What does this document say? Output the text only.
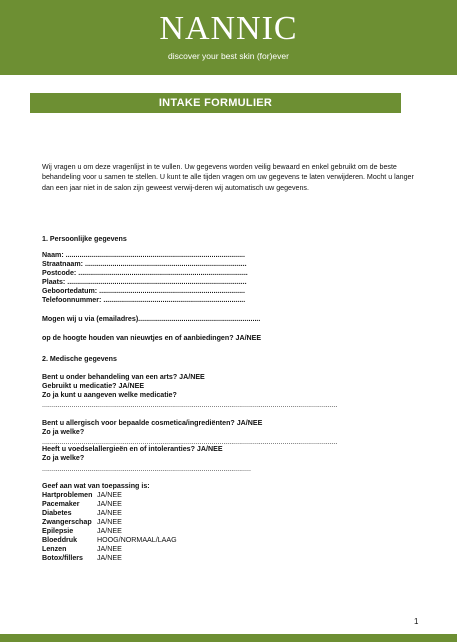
NANNIC
discover your best skin (for)ever
INTAKE FORMULIER
Wij vragen u om deze vragenlijst in te vullen. Uw gegevens worden veilig bewaard en enkel gebruikt om de beste behandeling voor u samen te stellen. U kunt te alle tijden vragen om uw gegevens te laten verwijderen. Mocht u langer dan een jaar niet in de salon zijn geweest verwij-deren wij automatisch uw gegevens.
1. Persoonlijke gegevens
Naam: ...........................................................................................
Straatnaam: ..................................................................................
Postcode: ......................................................................................
Plaats: ...........................................................................................
Geboortedatum: ..........................................................................
Telefoonnummer: ........................................................................
Mogen wij u via (emailadres)..............................................................
op de hoogte houden van nieuwtjes en of aanbiedingen? JA/NEE
2. Medische gegevens
Bent u onder behandeling van een arts? JA/NEE
Gebruikt u medicatie? JA/NEE
Zo ja kunt u aangeven welke medicatie?
......................................................................................................................................................
Bent u allergisch voor bepaalde cosmetica/ingrediënten? JA/NEE
Zo ja welke?
......................................................................................................................................................
Heeft u voedselallergieën en of intoleranties? JA/NEE
Zo ja welke?
..........................................................................................................
Geef aan wat van toepassing is:
Hartproblemen JA/NEE
Pacemaker JA/NEE
Diabetes	JA/NEE
Zwangerschap JA/NEE
Epilepsie	JA/NEE
Bloeddruk	HOOG/NORMAAL/LAAG
Lenzen	JA/NEE
Botox/fillers JA/NEE
1
